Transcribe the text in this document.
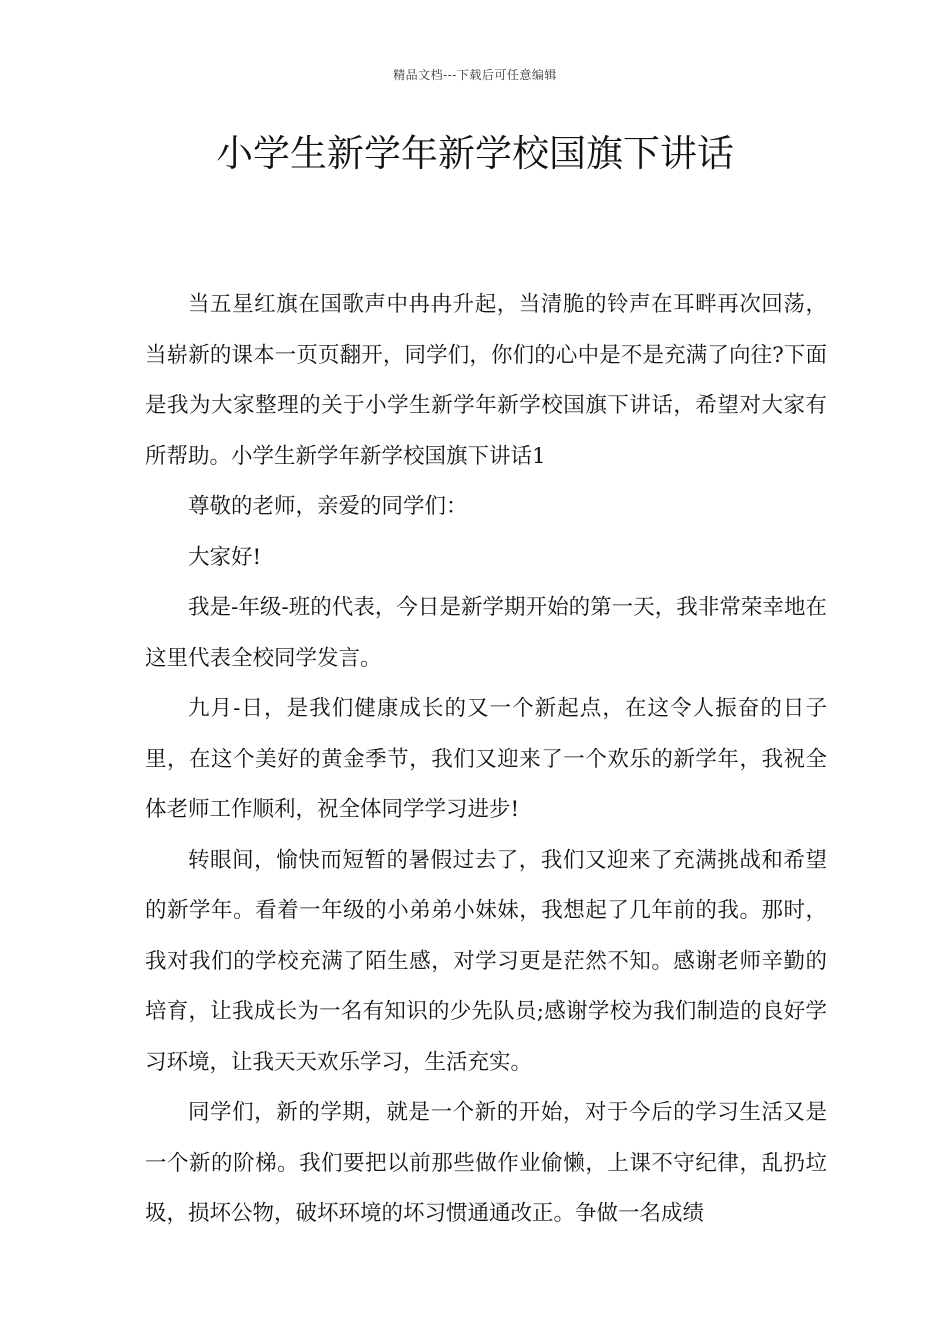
精品文档---下载后可任意编辑
小学生新学年新学校国旗下讲话

当五星红旗在国歌声中冉冉升起，当清脆的铃声在耳畔再次回荡，当崭新的课本一页页翻开，同学们，你们的心中是不是充满了向往?下面是我为大家整理的关于小学生新学年新学校国旗下讲话，希望对大家有所帮助。小学生新学年新学校国旗下讲话1

尊敬的老师，亲爱的同学们：

大家好!

我是-年级-班的代表，今日是新学期开始的第一天，我非常荣幸地在这里代表全校同学发言。

九月-日，是我们健康成长的又一个新起点，在这令人振奋的日子里，在这个美好的黄金季节，我们又迎来了一个欢乐的新学年，我祝全体老师工作顺利，祝全体同学学习进步!

转眼间，愉快而短暂的暑假过去了，我们又迎来了充满挑战和希望的新学年。看着一年级的小弟弟小妹妹，我想起了几年前的我。那时，我对我们的学校充满了陌生感，对学习更是茫然不知。感谢老师辛勤的培育，让我成长为一名有知识的少先队员;感谢学校为我们制造的良好学习环境，让我天天欢乐学习，生活充实。

同学们，新的学期，就是一个新的开始，对于今后的学习生活又是一个新的阶梯。我们要把以前那些做作业偷懒，上课不守纪律，乱扔垃圾，损坏公物，破坏环境的坏习惯通通改正。争做一名成绩
